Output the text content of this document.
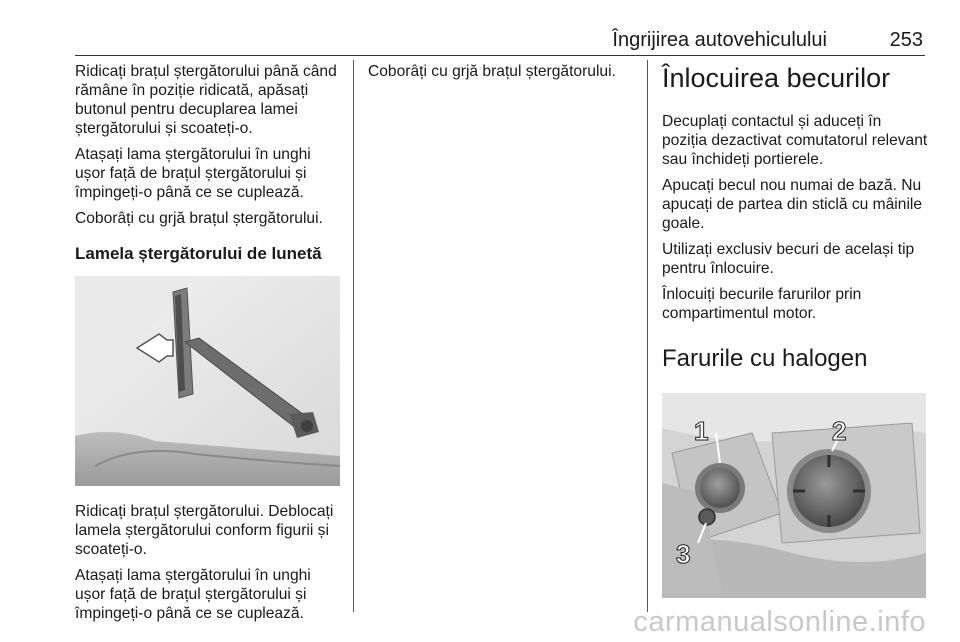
Îngrijirea autovehiculului	253

Ridicați brațul ștergătorului până când rămâne în poziție ridicată, apăsați butonul pentru decuplarea lamei ștergătorului și scoateți-o.

Atașați lama ștergătorului în unghi ușor față de brațul ștergătorului și împingeți-o până ce se cuplează.

Coborâți cu grjă brațul ștergătorului.

Lamela ștergătorului de lunetă

Ridicați brațul ștergătorului. Deblocați lamela ștergătorului conform figurii și scoateți-o.

Atașați lama ștergătorului în unghi ușor față de brațul ștergătorului și împingeți-o până ce se cuplează.

Coborâți cu grjă brațul ștergătorului.	Înlocuirea becurilor

Decuplați contactul și aduceți în poziția dezactivat comutatorul relevant sau închideți portierele.

Apucați becul nou numai de bază. Nu apucați de partea din sticlă cu mâinile goale.

Utilizați exclusiv becuri de același tip pentru înlocuire.

Înlocuiți becurile farurilor prin compartimentul motor.

Farurile cu halogen
1	2
3
carmanualsonline.info
